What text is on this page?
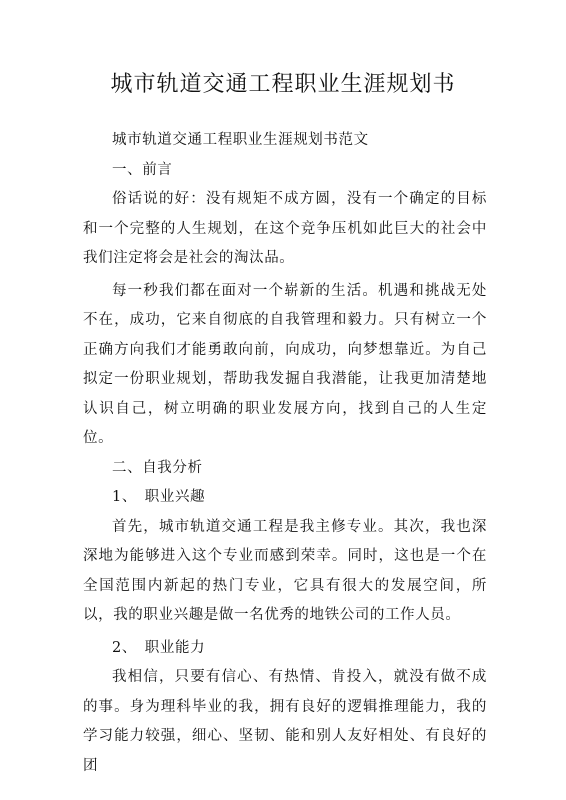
城市轨道交通工程职业生涯规划书

城市轨道交通工程职业生涯规划书范文

一、前言

俗话说的好：没有规矩不成方圆，没有一个确定的目标和一个完整的人生规划，在这个竞争压机如此巨大的社会中我们注定将会是社会的淘汰品。

每一秒我们都在面对一个崭新的生活。机遇和挑战无处不在，成功，它来自彻底的自我管理和毅力。只有树立一个正确方向我们才能勇敢向前，向成功，向梦想靠近。为自己拟定一份职业规划，帮助我发掘自我潜能，让我更加清楚地认识自己，树立明确的职业发展方向，找到自己的人生定位。

二、自我分析

1、　职业兴趣

首先，城市轨道交通工程是我主修专业。其次，我也深深地为能够进入这个专业而感到荣幸。同时，这也是一个在全国范围内新起的热门专业，它具有很大的发展空间，所以，我的职业兴趣是做一名优秀的地铁公司的工作人员。

2、　职业能力

我相信，只要有信心、有热情、肯投入，就没有做不成的事。身为理科毕业的我，拥有良好的逻辑推理能力，我的学习能力较强，细心、坚韧、能和别人友好相处、有良好的团
